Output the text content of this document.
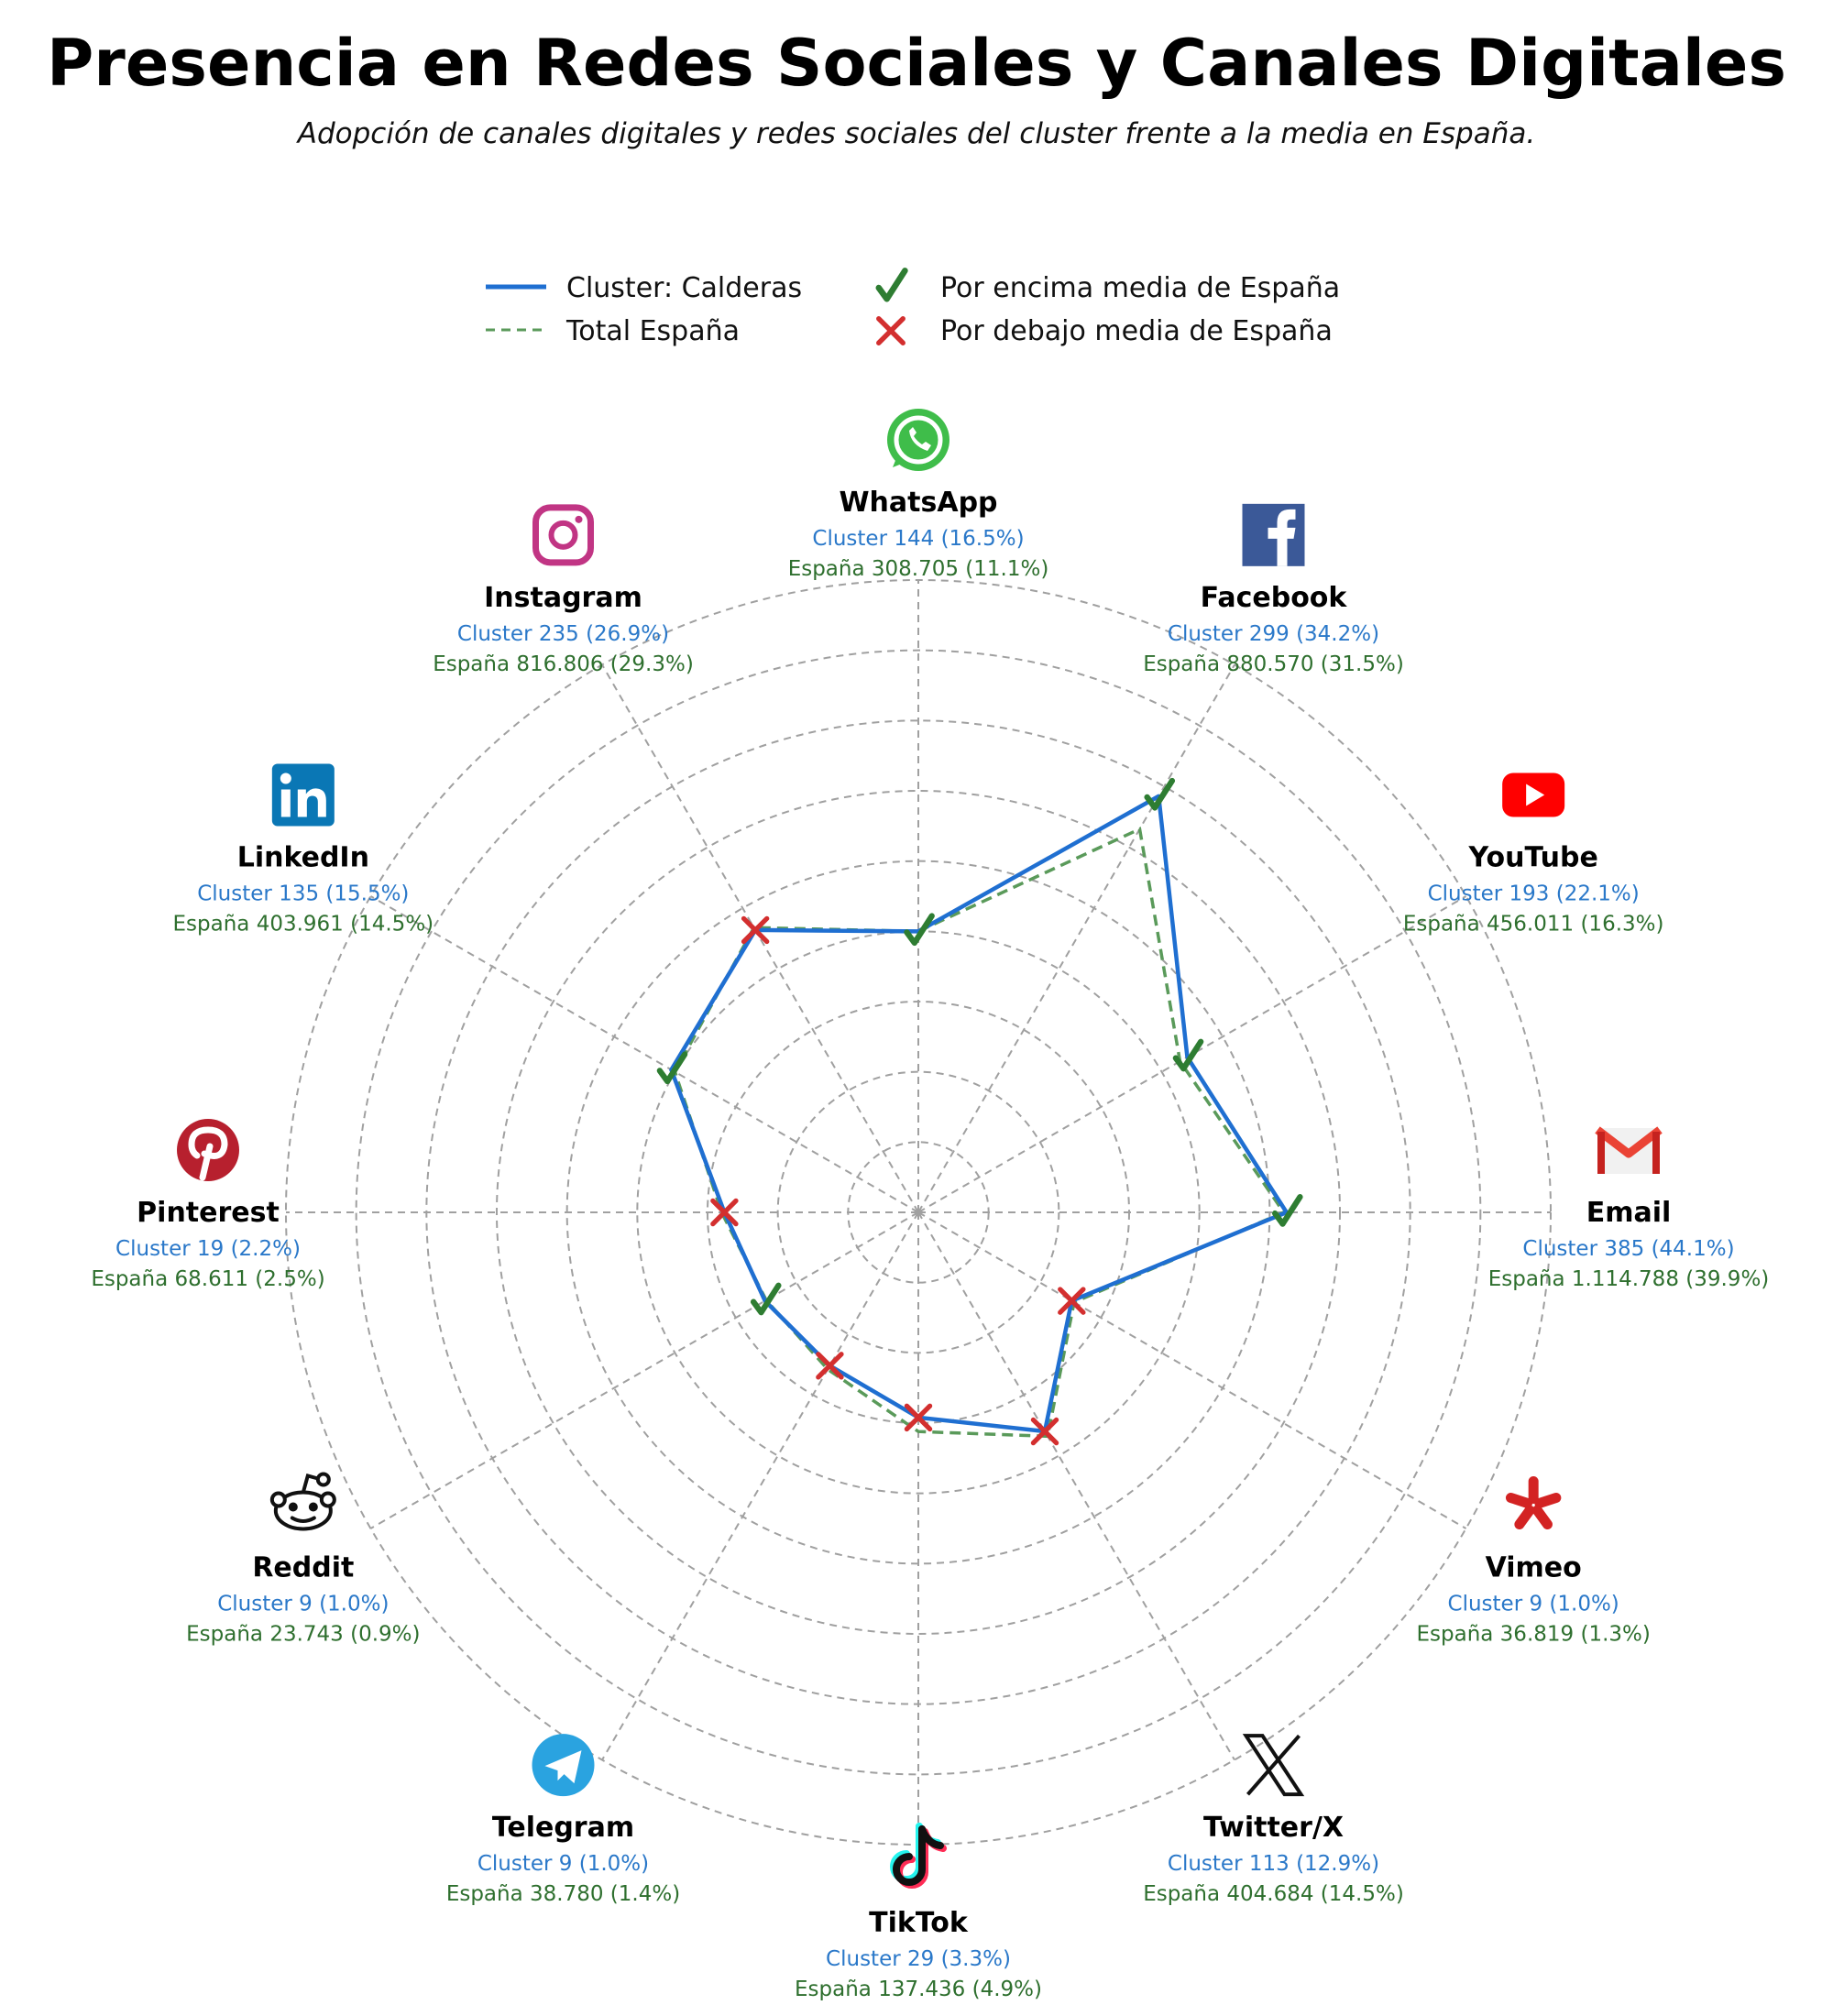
Presencia en Redes Sociales y Canales Digitales
Adopción de canales digitales y redes sociales del cluster frente a la media en España.
Cluster: Calderas
Total España
Por encima media de España
Por debajo media de España
WhatsApp
Cluster 144 (16.5%)
España 308.705 (11.1%)
Facebook
Cluster 299 (34.2%)
España 880.570 (31.5%)
YouTube
Cluster 193 (22.1%)
España 456.011 (16.3%)
Email
Cluster 385 (44.1%)
España 1.114.788 (39.9%)
Vimeo
Cluster 9 (1.0%)
España 36.819 (1.3%)
Twitter/X
Cluster 113 (12.9%)
España 404.684 (14.5%)
TikTok
Cluster 29 (3.3%)
España 137.436 (4.9%)
Telegram
Cluster 9 (1.0%)
España 38.780 (1.4%)
Reddit
Cluster 9 (1.0%)
España 23.743 (0.9%)
Pinterest
Cluster 19 (2.2%)
España 68.611 (2.5%)
LinkedIn
Cluster 135 (15.5%)
España 403.961 (14.5%)
Instagram
Cluster 235 (26.9%)
España 816.806 (29.3%)
